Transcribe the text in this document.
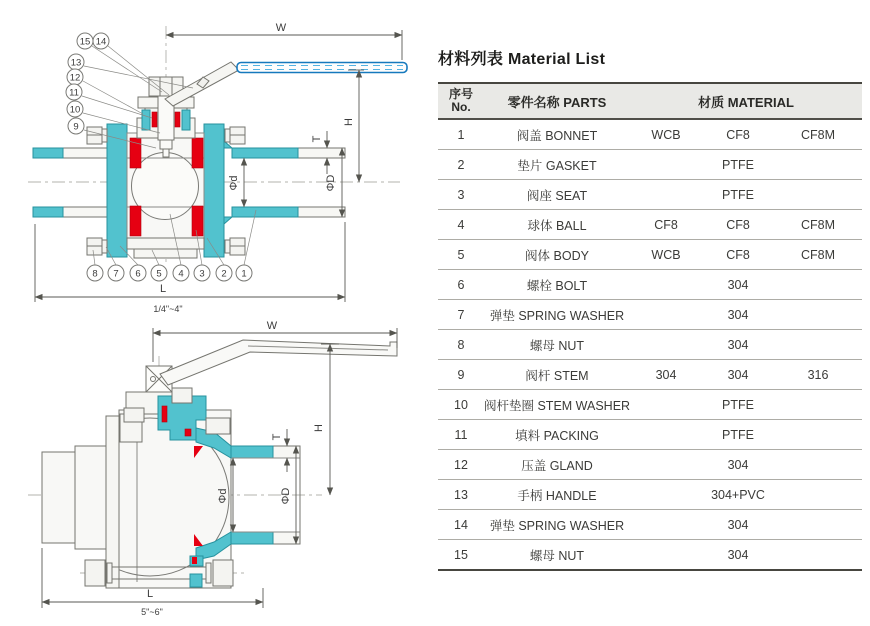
W
H
T
ΦD
Φd
L
1/4"~4"
15 14
13
12
11
10
9
8 7 6 5 4 3 2 1
W
H
T
Φd	ΦD
L
5"~6"
材料列表 Material List
序号
No.	零件名称 PARTS	材质 MATERIAL		
1	阀盖 BONNET	WCB	CF8	CF8M
2	垫片 GASKET		PTFE	
3	阀座 SEAT		PTFE	
4	球体 BALL	CF8	CF8	CF8M
5	阀体 BODY	WCB	CF8	CF8M
6	螺栓 BOLT		304	
7	弹垫 SPRING WASHER		304	
8	螺母 NUT		304	
9	阀杆 STEM	304	304	316
10	阀杆垫圈 STEM WASHER		PTFE	
11	填料 PACKING		PTFE	
12	压盖 GLAND		304	
13	手柄 HANDLE		304+PVC	
14	弹垫 SPRING WASHER		304	
15	螺母 NUT		304	
